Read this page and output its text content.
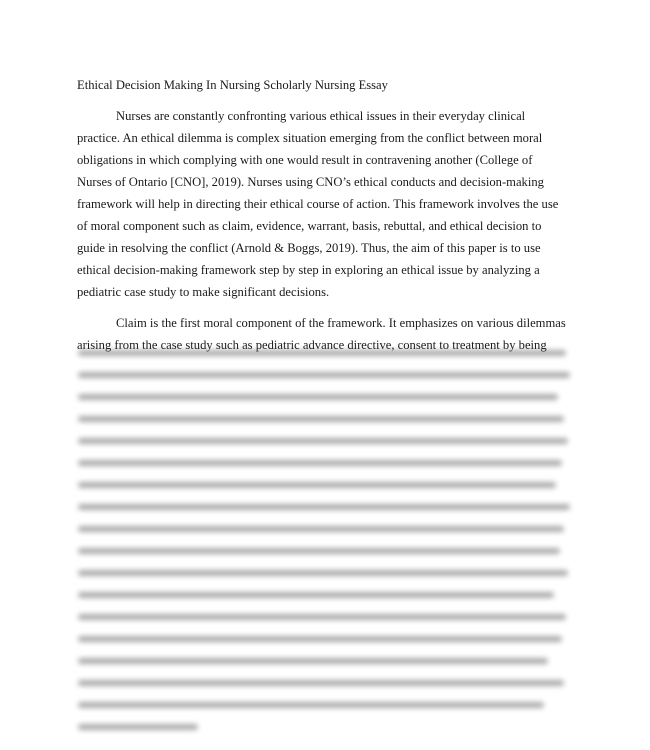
Ethical Decision Making In Nursing Scholarly Nursing Essay
Nurses are constantly confronting various ethical issues in their everyday clinical
practice. An ethical dilemma is complex situation emerging from the conflict between moral
obligations in which complying with one would result in contravening another (College of
Nurses of Ontario [CNO], 2019). Nurses using CNO’s ethical conducts and decision-making
framework will help in directing their ethical course of action. This framework involves the use
of moral component such as claim, evidence, warrant, basis, rebuttal, and ethical decision to
guide in resolving the conflict (Arnold & Boggs, 2019). Thus, the aim of this paper is to use
ethical decision-making framework step by step in exploring an ethical issue by analyzing a
pediatric case study to make significant decisions.
Claim is the first moral component of the framework. It emphasizes on various dilemmas
arising from the case study such as pediatric advance directive, consent to treatment by being
